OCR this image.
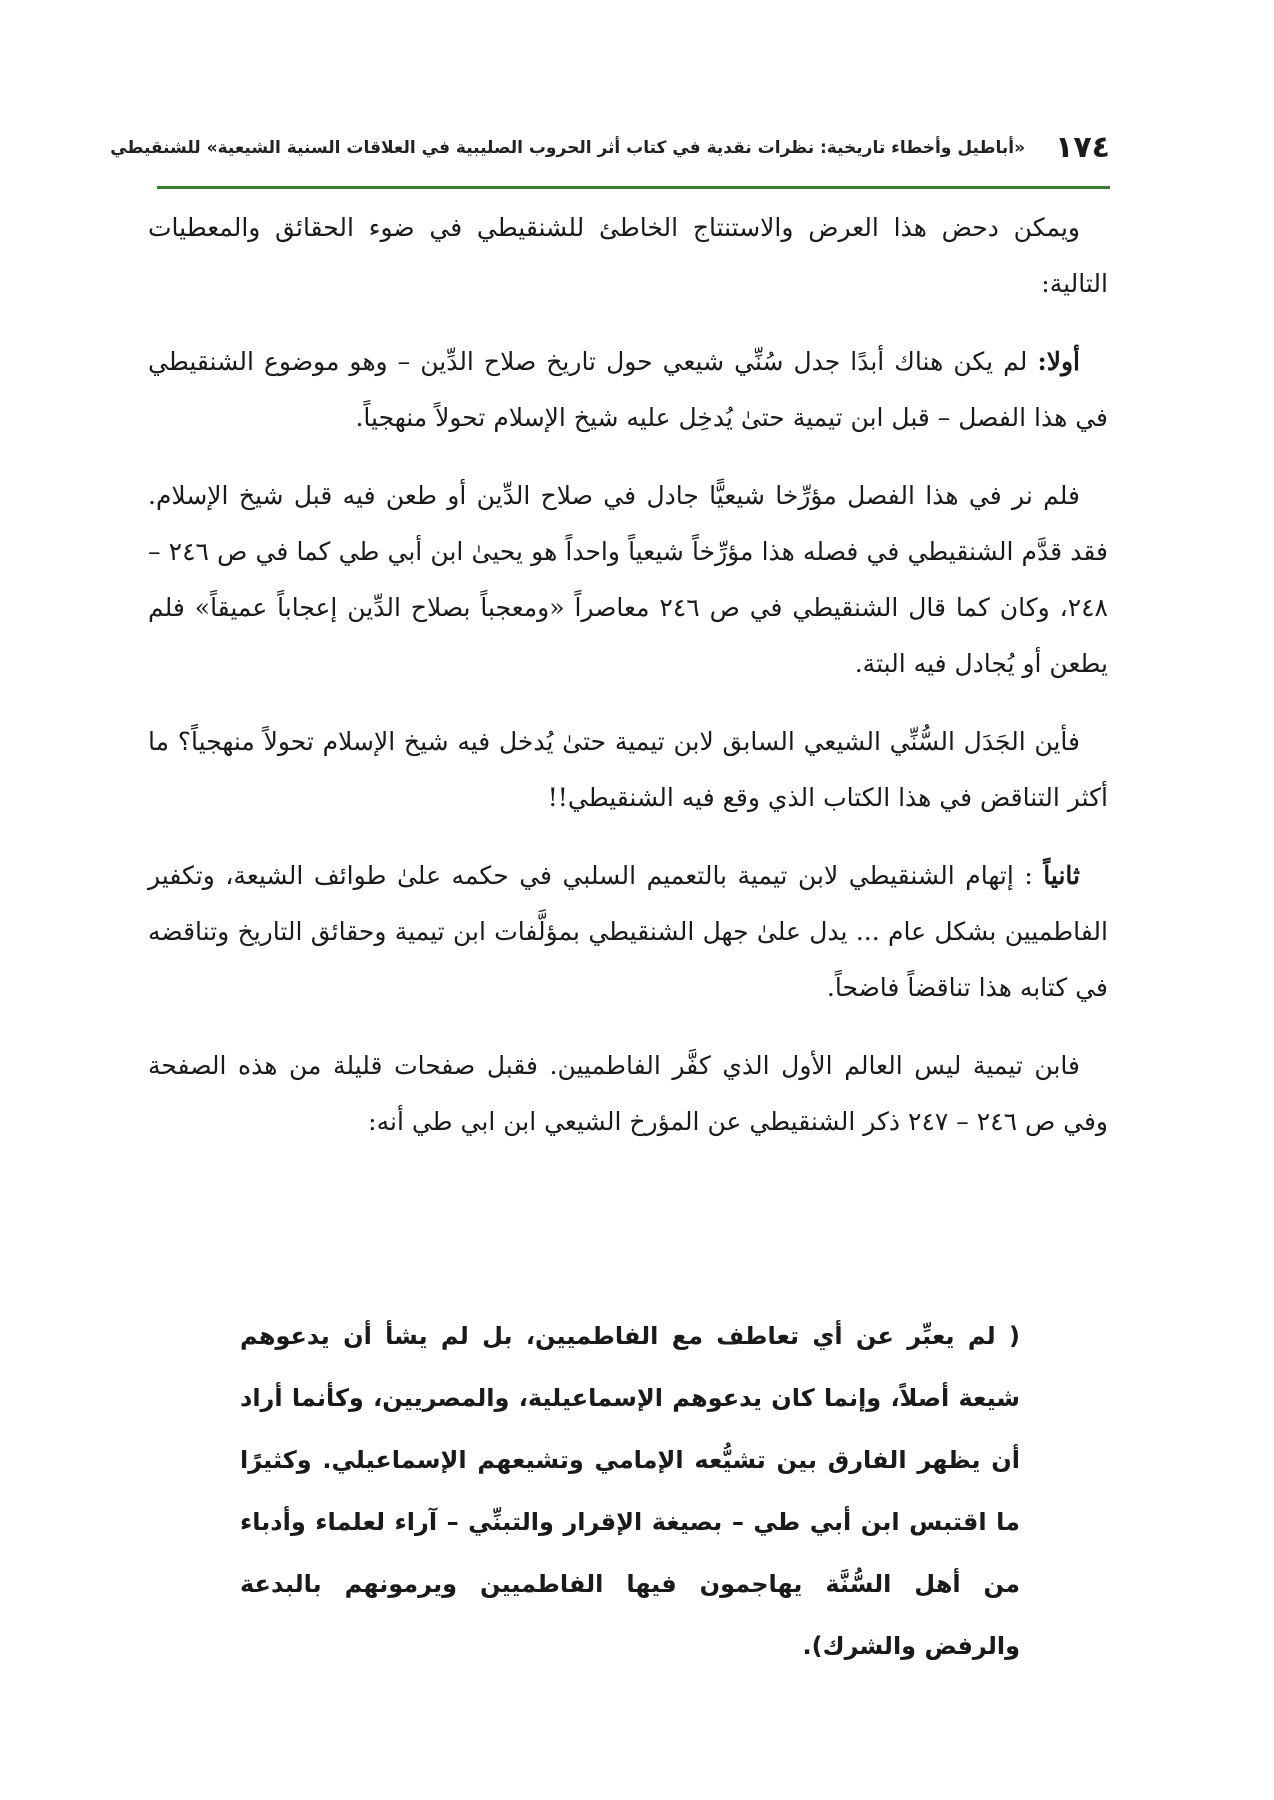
١٧٤
«أباطيل وأخطاء تاريخية: نظرات نقدية في كتاب أثر الحروب الصليبية في العلاقات السنية الشيعية» للشنقيطي

ويمكن دحض هذا العرض والاستنتاج الخاطئ للشنقيطي في ضوء الحقائق والمعطيات التالية:

أولا: لم يكن هناك أبدًا جدل سُنِّي شيعي حول تاريخ صلاح الدِّين – وهو موضوع الشنقيطي في هذا الفصل – قبل ابن تيمية حتىٰ يُدخِل عليه شيخ الإسلام تحولاً منهجياً.

فلم نر في هذا الفصل مؤرِّخا شيعيًّا جادل في صلاح الدِّين أو طعن فيه قبل شيخ الإسلام. فقد قدَّم الشنقيطي في فصله هذا مؤرِّخاً شيعياً واحداً هو يحيىٰ ابن أبي طي كما في ص ٢٤٦ – ٢٤٨، وكان كما قال الشنقيطي في ص ٢٤٦ معاصراً «ومعجباً بصلاح الدِّين إعجاباً عميقاً» فلم يطعن أو يُجادل فيه البتة.

فأين الجَدَل السُّنِّي الشيعي السابق لابن تيمية حتىٰ يُدخل فيه شيخ الإسلام تحولاً منهجياً؟ ما أكثر التناقض في هذا الكتاب الذي وقع فيه الشنقيطي!!

ثانياً : إتهام الشنقيطي لابن تيمية بالتعميم السلبي في حكمه علىٰ طوائف الشيعة، وتكفير الفاطميين بشكل عام ... يدل علىٰ جهل الشنقيطي بمؤلَّفات ابن تيمية وحقائق التاريخ وتناقضه في كتابه هذا تناقضاً فاضحاً.

فابن تيمية ليس العالم الأول الذي كفَّر الفاطميين. فقبل صفحات قليلة من هذه الصفحة وفي ص ٢٤٦ – ٢٤٧ ذكر الشنقيطي عن المؤرخ الشيعي ابن ابي طي أنه:

( لم يعبِّر عن أي تعاطف مع الفاطميين، بل لم يشأ أن يدعوهم شيعة أصلاً، وإنما كان يدعوهم الإسماعيلية، والمصريين، وكأنما أراد أن يظهر الفارق بين تشيُّعه الإمامي وتشيعهم الإسماعيلي. وكثيرًا ما اقتبس ابن أبي طي – بصيغة الإقرار والتبنِّي – آراء لعلماء وأدباء من أهل السُّنَّة يهاجمون فيها الفاطميين ويرمونهم بالبدعة والرفض والشرك).
